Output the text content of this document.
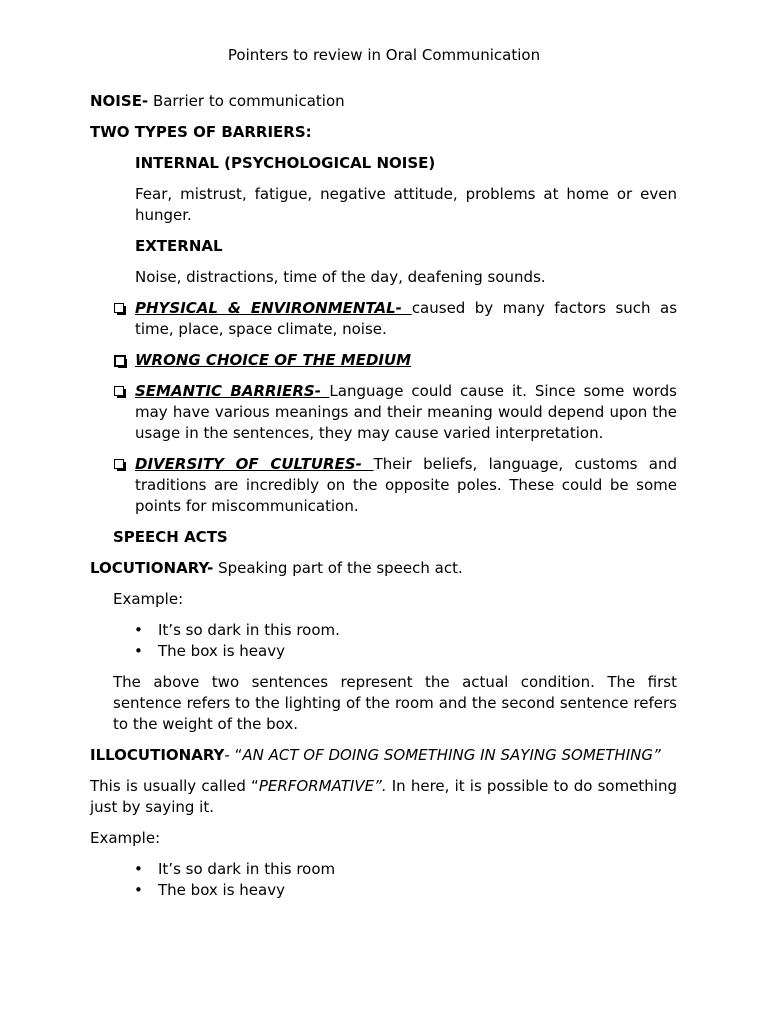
Pointers to review in Oral Communication

NOISE- Barrier to communication

TWO TYPES OF BARRIERS:

INTERNAL (PSYCHOLOGICAL NOISE)

Fear, mistrust, fatigue, negative attitude, problems at home or even hunger.

EXTERNAL

Noise, distractions, time of the day, deafening sounds.

PHYSICAL & ENVIRONMENTAL- caused by many factors such as time, place, space climate, noise.
WRONG CHOICE OF THE MEDIUM
SEMANTIC BARRIERS- Language could cause it. Since some words may have various meanings and their meaning would depend upon the usage in the sentences, they may cause varied interpretation.
DIVERSITY OF CULTURES- Their beliefs, language, customs and traditions are incredibly on the opposite poles. These could be some points for miscommunication.

SPEECH ACTS

LOCUTIONARY- Speaking part of the speech act.

Example:

• It’s so dark in this room.
• The box is heavy

The above two sentences represent the actual condition. The first sentence refers to the lighting of the room and the second sentence refers to the weight of the box.

ILLOCUTIONARY- “AN ACT OF DOING SOMETHING IN SAYING SOMETHING”

This is usually called “PERFORMATIVE”. In here, it is possible to do something just by saying it.

Example:

• It’s so dark in this room
• The box is heavy
